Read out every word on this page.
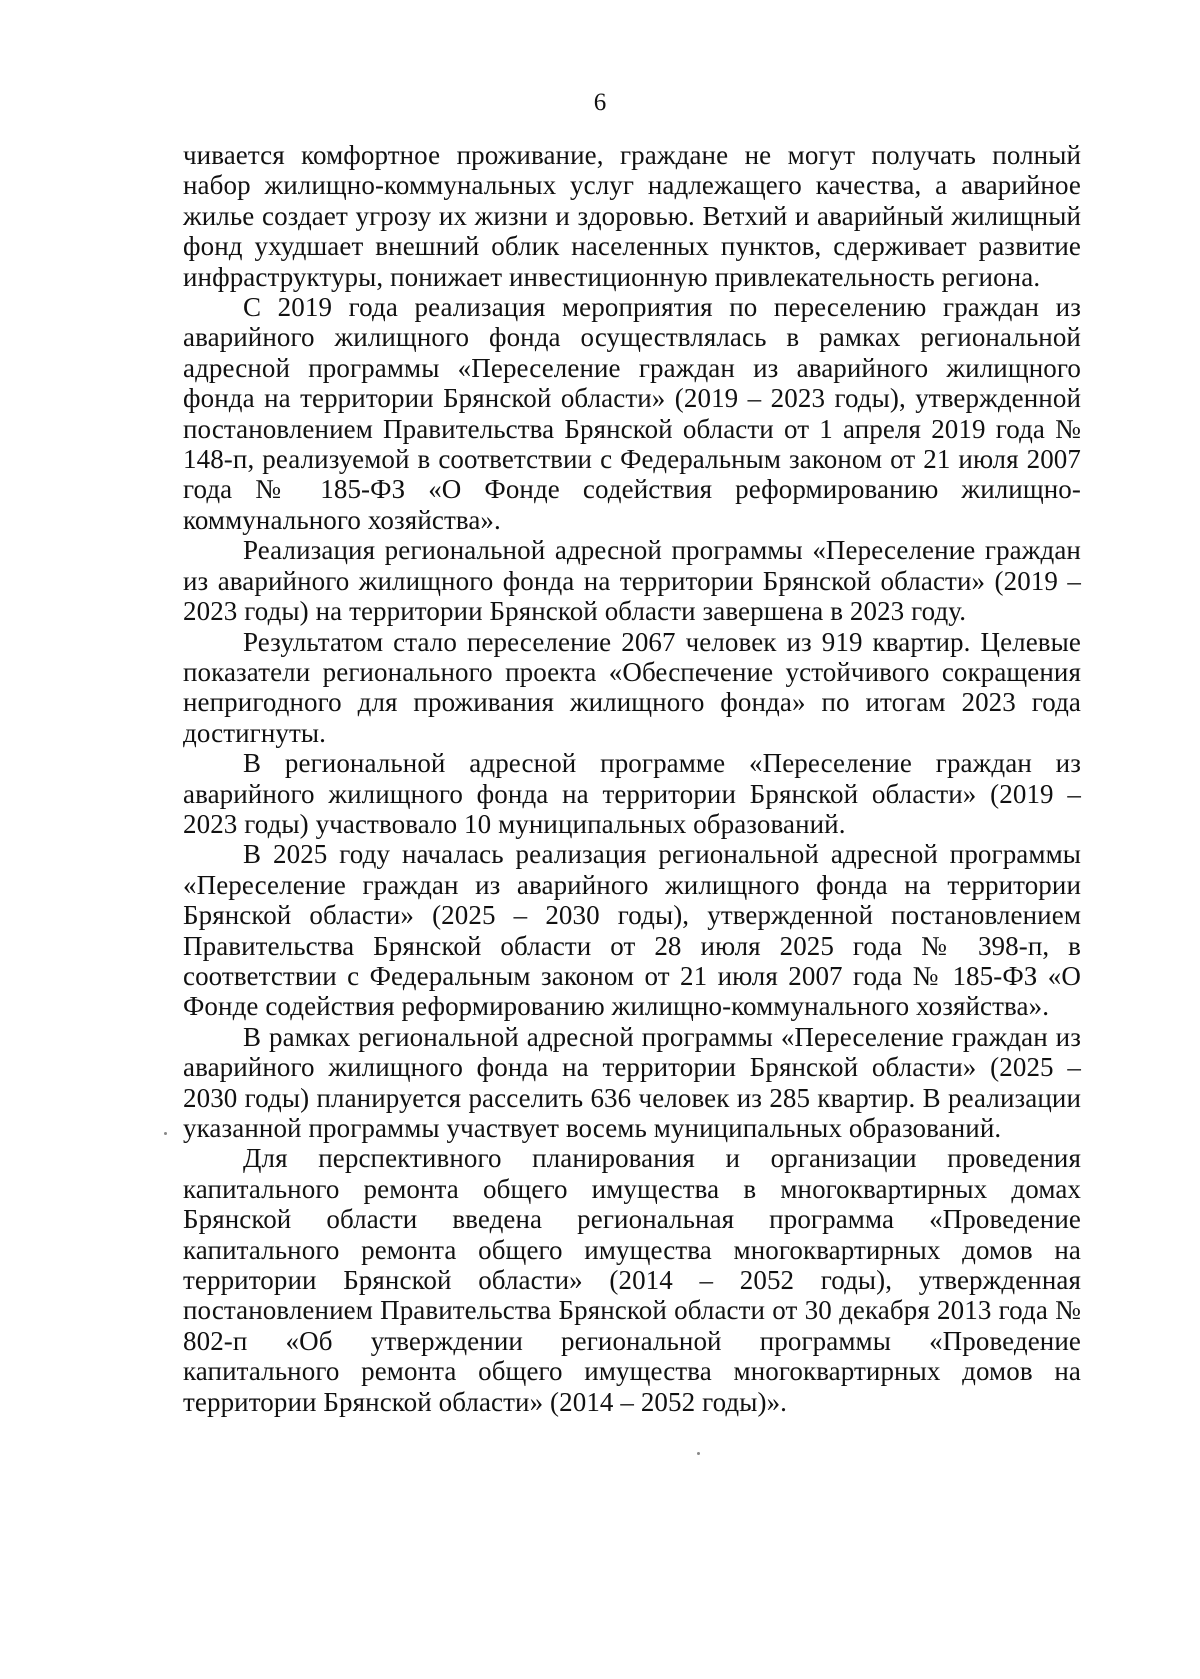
6

чивается комфортное проживание, граждане не могут получать полный набор жилищно-коммунальных услуг надлежащего качества, а аварийное жилье создает угрозу их жизни и здоровью. Ветхий и аварийный жилищный фонд ухудшает внешний облик населенных пунктов, сдерживает развитие инфраструктуры, понижает инвестиционную привлекательность региона.

С 2019 года реализация мероприятия по переселению граждан из аварийного жилищного фонда осуществлялась в рамках региональной адресной программы «Переселение граждан из аварийного жилищного фонда на территории Брянской области» (2019 – 2023 годы), утвержденной постановлением Правительства Брянской области от 1 апреля 2019 года № 148-п, реализуемой в соответствии с Федеральным законом от 21 июля 2007 года № 185-ФЗ «О Фонде содействия реформированию жилищно-коммунального хозяйства».

Реализация региональной адресной программы «Переселение граждан из аварийного жилищного фонда на территории Брянской области» (2019 – 2023 годы) на территории Брянской области завершена в 2023 году.

Результатом стало переселение 2067 человек из 919 квартир. Целевые показатели регионального проекта «Обеспечение устойчивого сокращения непригодного для проживания жилищного фонда» по итогам 2023 года достигнуты.

В региональной адресной программе «Переселение граждан из аварийного жилищного фонда на территории Брянской области» (2019 – 2023 годы) участвовало 10 муниципальных образований.

В 2025 году началась реализация региональной адресной программы «Переселение граждан из аварийного жилищного фонда на территории Брянской области» (2025 – 2030 годы), утвержденной постановлением Правительства Брянской области от 28 июля 2025 года № 398-п, в соответствии с Федеральным законом от 21 июля 2007 года № 185-ФЗ «О Фонде содействия реформированию жилищно-коммунального хозяйства».

В рамках региональной адресной программы «Переселение граждан из аварийного жилищного фонда на территории Брянской области» (2025 – 2030 годы) планируется расселить 636 человек из 285 квартир. В реализации указанной программы участвует восемь муниципальных образований.

Для перспективного планирования и организации проведения капитального ремонта общего имущества в многоквартирных домах Брянской области введена региональная программа «Проведение капитального ремонта общего имущества многоквартирных домов на территории Брянской области» (2014 – 2052 годы), утвержденная постановлением Правительства Брянской области от 30 декабря 2013 года № 802-п «Об утверждении региональной программы «Проведение капитального ремонта общего имущества многоквартирных домов на территории Брянской области» (2014 – 2052 годы)».
